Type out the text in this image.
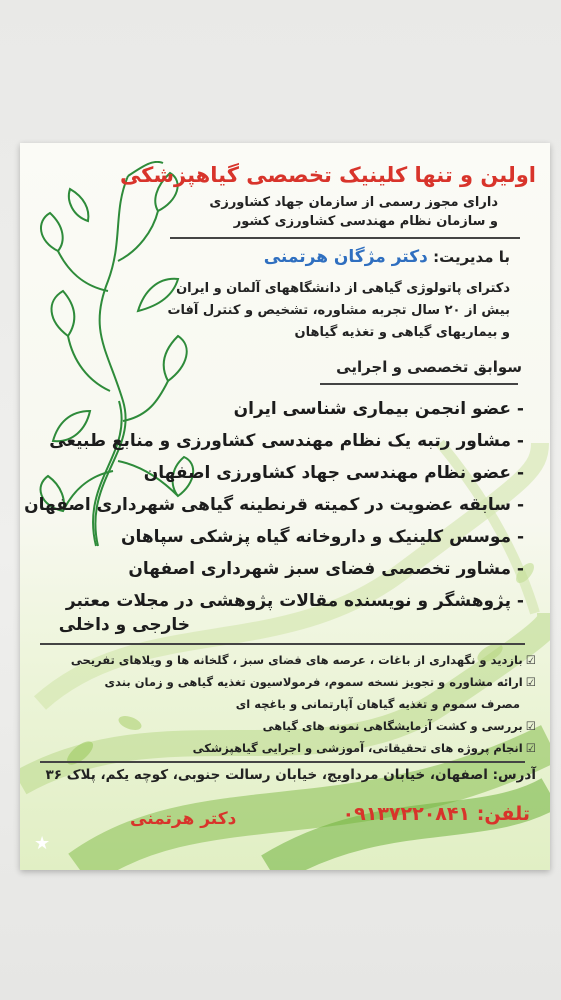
اولین و تنها کلینیک تخصصی گیاهپزشکی
دارای مجوز رسمی از سازمان جهاد کشاورزی
و سازمان نظام مهندسی کشاورزی کشور
با مدیریت: دکتر مژگان هرتمنی
دکترای پاتولوژی گیاهی از دانشگاههای آلمان و ایران
بیش از ۲۰ سال تجربه مشاوره، تشخیص و کنترل آفات
و بیماریهای گیاهی و تغذیه گیاهان
سوابق تخصصی و اجرایی
- عضو انجمن بیماری شناسی ایران
- مشاور رتبه یک نظام مهندسی کشاورزی و منابع طبیعی
- عضو نظام مهندسی جهاد کشاورزی اصفهان
- سابقه عضویت در کمیته قرنطینه گیاهی شهرداری اصفهان
- موسس کلینیک و داروخانه گیاه پزشکی سپاهان
- مشاور تخصصی فضای سبز شهرداری اصفهان
- پژوهشگر و نویسنده مقالات پژوهشی در مجلات معتبر
خارجی و داخلی
☑بازدید و نگهداری از باغات ، عرصه های فضای سبز ، گلخانه ها و ویلاهای تفریحی
☑ارائه مشاوره و تجویز نسخه سموم، فرمولاسیون تغذیه گیاهی و زمان بندی
مصرف سموم و تغذیه گیاهان آپارتمانی و باغچه ای
☑بررسی و کشت آزمایشگاهی نمونه های گیاهی
☑انجام پروژه های تحقیقاتی، آموزشی و اجرایی گیاهپزشکی
آدرس: اصفهان، خیابان مرداویج، خیابان رسالت جنوبی، کوچه یکم، پلاک ۳۶
تلفن: ۰۹۱۳۷۲۲۰۸۴۱
دکتر هرتمنی
★
